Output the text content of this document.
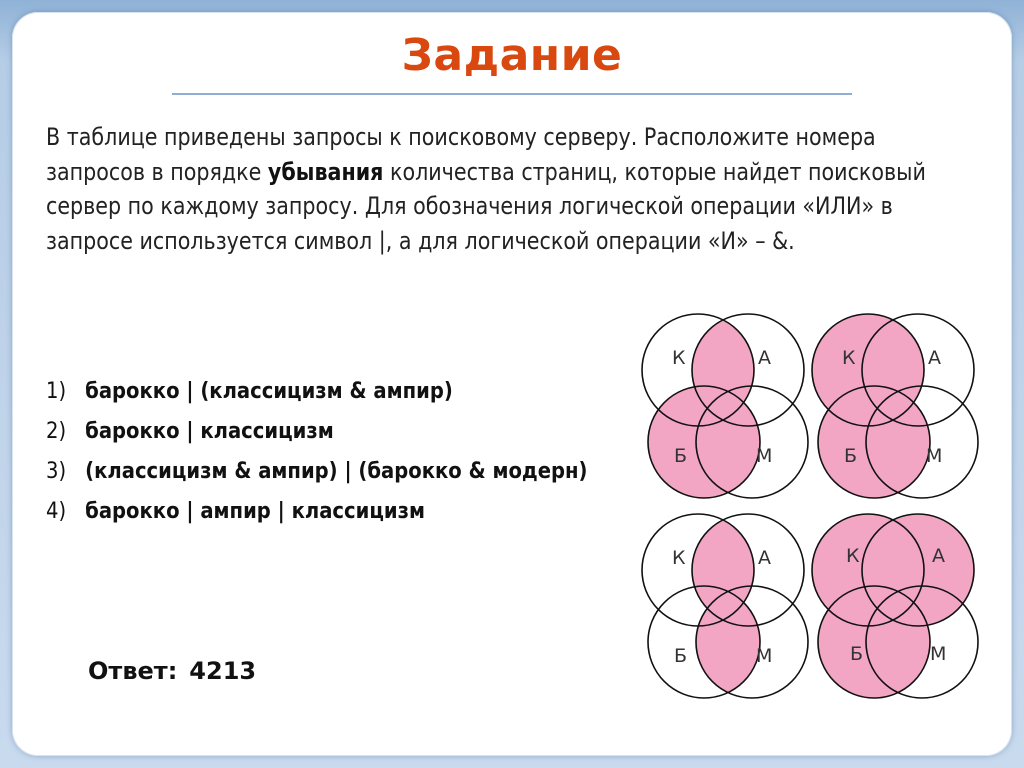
Задание
В таблице приведены запросы к поисковому серверу. Расположите номера запросов в порядке убывания количества страниц, которые найдет поисковый сервер по каждому запросу. Для обозначения логической операции «ИЛИ» в запросе используется символ |, а для логической операции «И» – &.
1) барокко | (классицизм & ампир)
2) барокко | классицизм
3) (классицизм & ампир) | (барокко & модерн)
4) барокко | ампир | классицизм
Ответ: 4213
К	А
Б	М
К	А
Б	М
К	А
Б	М
К	А
Б	М
